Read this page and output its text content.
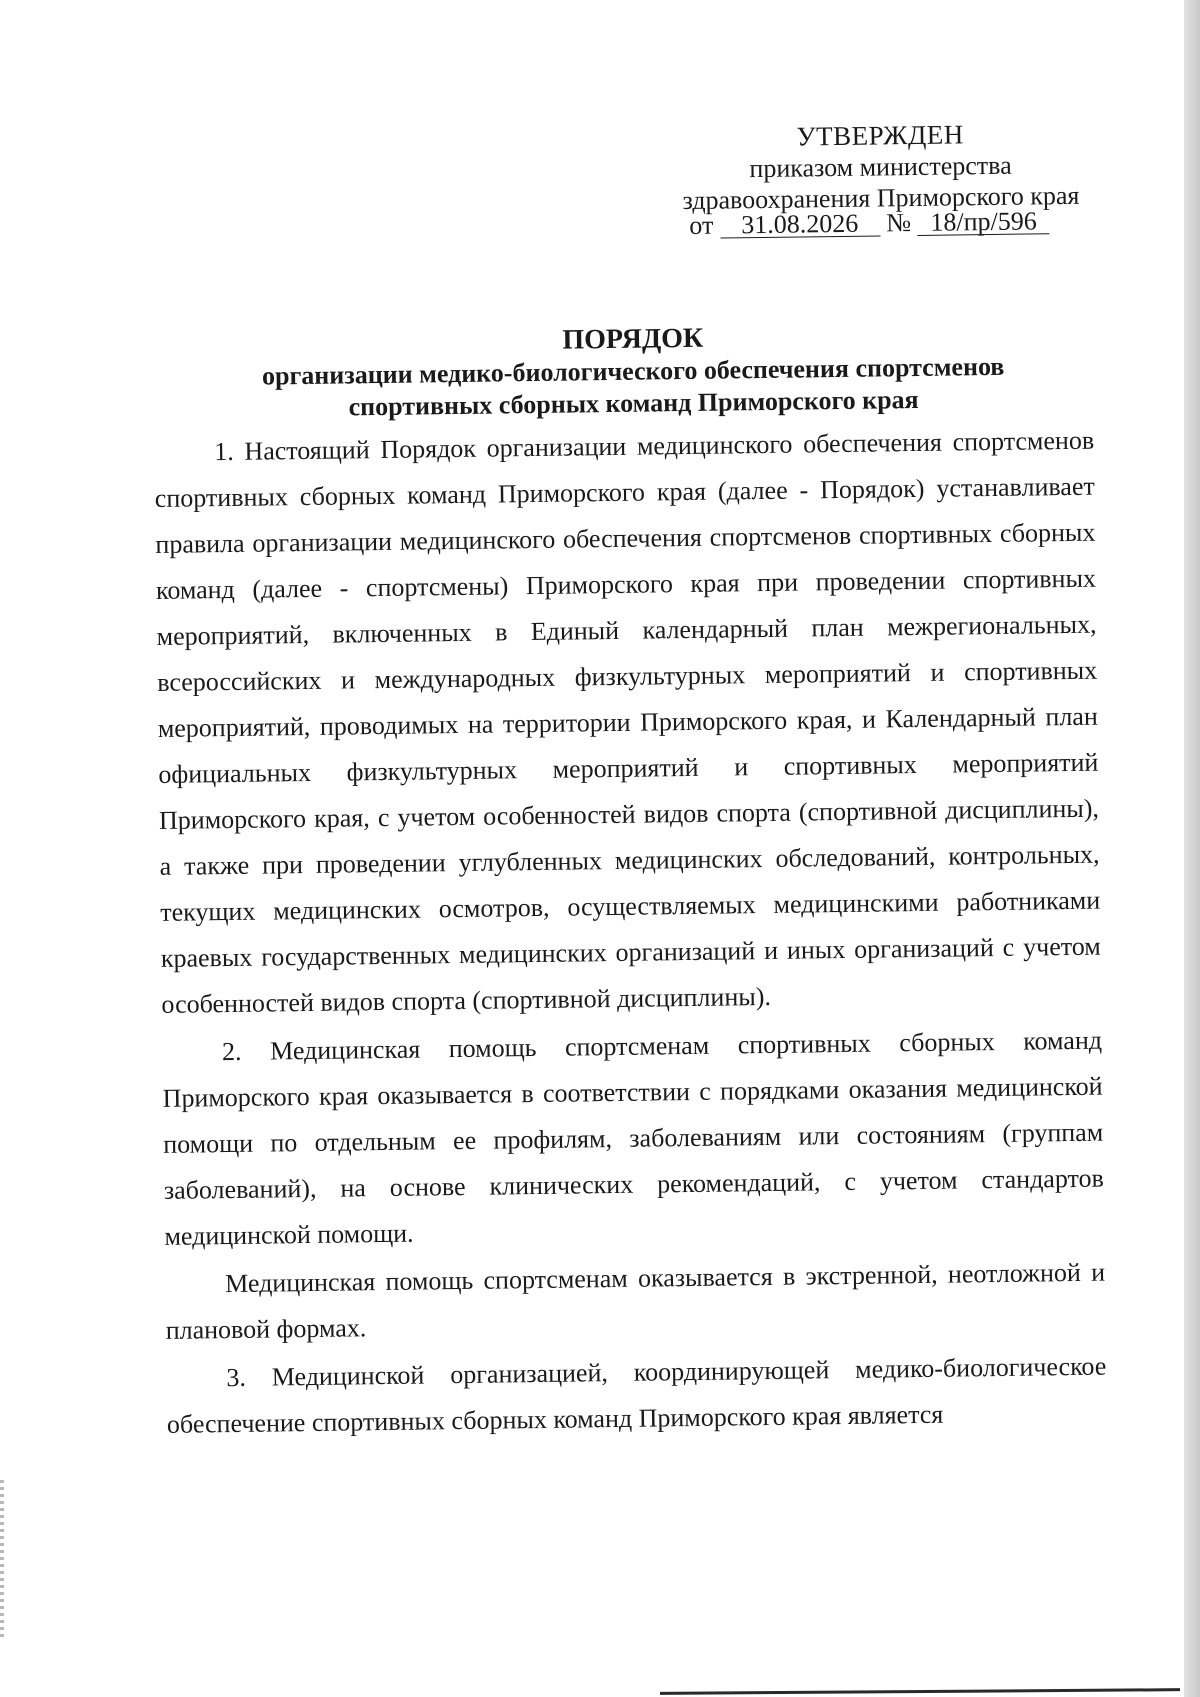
УТВЕРЖДЕН
приказом министерства
здравоохранения Приморского края
от 31.08.2026 № 18/пр/596
ПОРЯДОК
организации медико-биологического обеспечения спортсменов
спортивных сборных команд Приморского края

1. Настоящий Порядок организации медицинского обеспечения спортсменов спортивных сборных команд Приморского края (далее - Порядок) устанавливает правила организации медицинского обеспечения спортсменов спортивных сборных команд (далее - спортсмены) Приморского края при проведении спортивных мероприятий, включенных в Единый календарный план межрегиональных, всероссийских и международных физкультурных мероприятий и спортивных мероприятий, проводимых на территории Приморского края, и Календарный план официальных физкультурных мероприятий и спортивных мероприятий Приморского края, с учетом особенностей видов спорта (спортивной дисциплины), а также при проведении углубленных медицинских обследований, контрольных, текущих медицинских осмотров, осуществляемых медицинскими работниками краевых государственных медицинских организаций и иных организаций с учетом особенностей видов спорта (спортивной дисциплины).

2. Медицинская помощь спортсменам спортивных сборных команд Приморского края оказывается в соответствии с порядками оказания медицинской помощи по отдельным ее профилям, заболеваниям или состояниям (группам заболеваний), на основе клинических рекомендаций, с учетом стандартов медицинской помощи.

Медицинская помощь спортсменам оказывается в экстренной, неотложной и плановой формах.

3. Медицинской организацией, координирующей медико-биологическое обеспечение спортивных сборных команд Приморского края является
